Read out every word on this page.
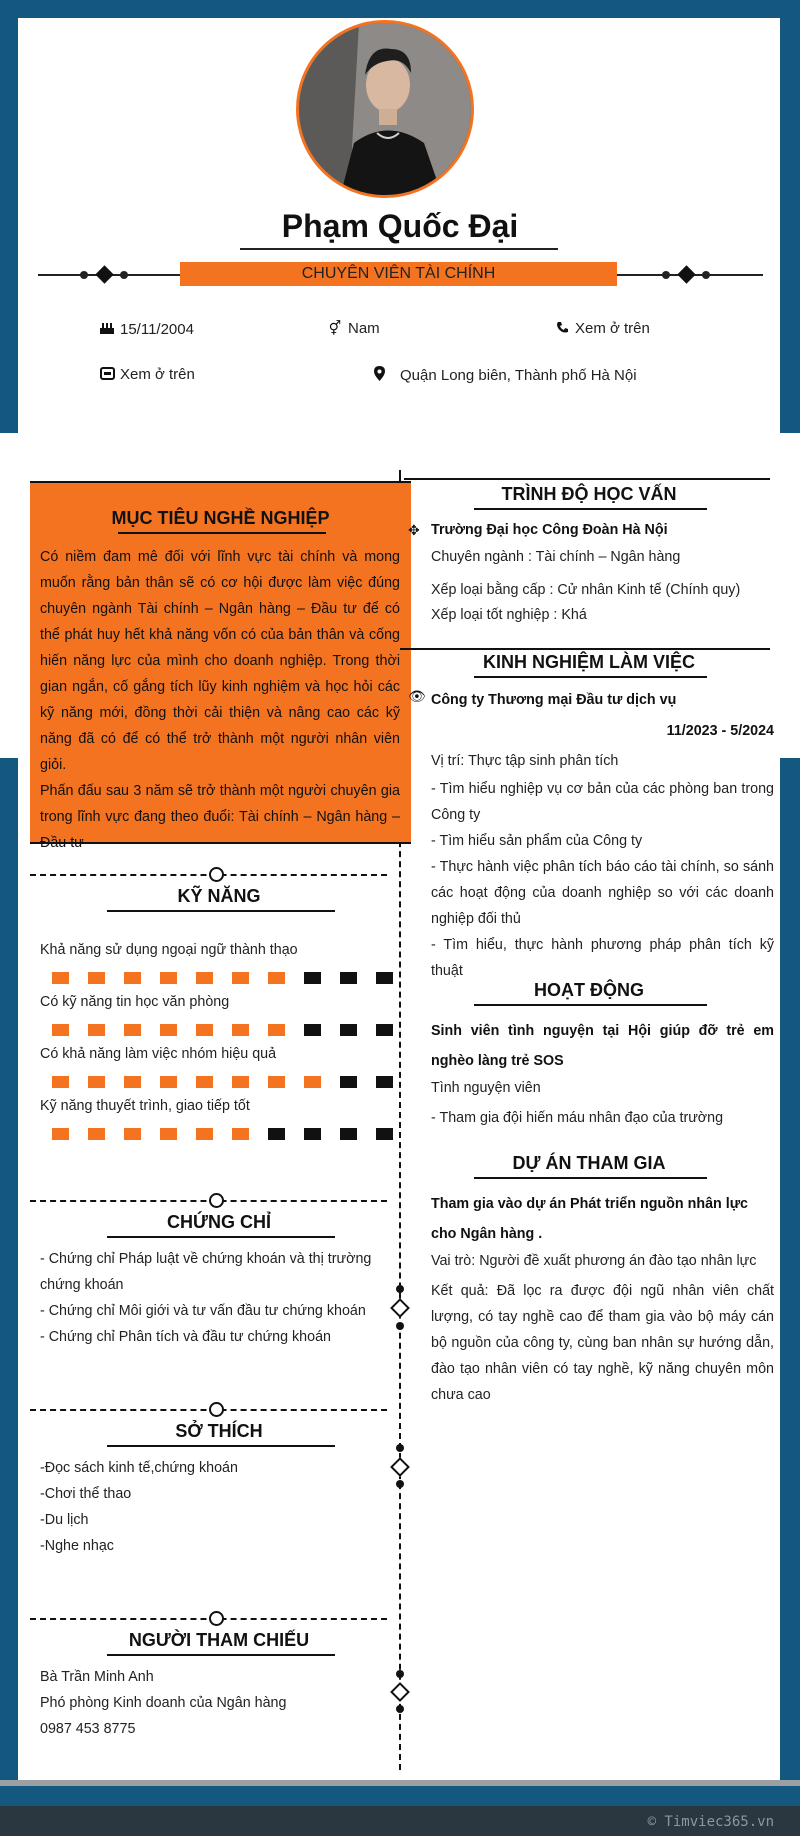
© Timviec365.vn
Phạm Quốc Đại
CHUYÊN VIÊN TÀI CHÍNH
15/11/2004	⚥ Nam	Xem ở trên
Xem ở trên	Quận Long biên, Thành phố Hà Nội
MỤC TIÊU NGHỀ NGHIỆP

Có niềm đam mê đối với lĩnh vực tài chính và mong muốn rằng bản thân sẽ có cơ hội được làm việc đúng chuyên ngành Tài chính – Ngân hàng – Đầu tư để có thể phát huy hết khả năng vốn có của bản thân và cống hiến năng lực của mình cho doanh nghiệp. Trong thời gian ngắn, cố gắng tích lũy kinh nghiệm và học hỏi các kỹ năng mới, đồng thời cải thiện và nâng cao các kỹ năng đã có để có thể trở thành một người nhân viên giỏi.

Phấn đấu sau 3 năm sẽ trở thành một người chuyên gia trong lĩnh vực đang theo đuổi: Tài chính – Ngân hàng – Đầu tư

KỸ NĂNG
Khả năng sử dụng ngoại ngữ thành thạo
Có kỹ năng tin học văn phòng
Có khả năng làm việc nhóm hiệu quả
Kỹ năng thuyết trình, giao tiếp tốt
CHỨNG CHỈ
- Chứng chỉ Pháp luật về chứng khoán và thị trường chứng khoán
- Chứng chỉ Môi giới và tư vấn đầu tư chứng khoán
- Chứng chỉ Phân tích và đầu tư chứng khoán
SỞ THÍCH
-Đọc sách kinh tế,chứng khoán
-Chơi thể thao
-Du lịch
-Nghe nhạc
NGƯỜI THAM CHIẾU
Bà Trần Minh Anh
Phó phòng Kinh doanh của Ngân hàng
0987 453 8775
TRÌNH ĐỘ HỌC VẤN
✥ Trường Đại học Công Đoàn Hà Nội
Chuyên ngành : Tài chính – Ngân hàng
Xếp loại bằng cấp : Cử nhân Kinh tế (Chính quy)
Xếp loại tốt nghiệp : Khá
KINH NGHIỆM LÀM VIỆC
👁 Công ty Thương mại Đầu tư dịch vụ
11/2023 - 5/2024
Vị trí: Thực tập sinh phân tích
- Tìm hiểu nghiệp vụ cơ bản của các phòng ban trong Công ty
- Tìm hiểu sản phẩm của Công ty
- Thực hành việc phân tích báo cáo tài chính, so sánh các hoạt động của doanh nghiệp so với các doanh nghiệp đối thủ
- Tìm hiểu, thực hành phương pháp phân tích kỹ thuật
HOẠT ĐỘNG
Sinh viên tình nguyện tại Hội giúp đỡ trẻ em nghèo làng trẻ SOS
Tình nguyện viên
- Tham gia đội hiến máu nhân đạo của trường
DỰ ÁN THAM GIA
Tham gia vào dự án Phát triển nguồn nhân lực cho Ngân hàng .
Vai trò: Người đề xuất phương án đào tạo nhân lực
Kết quả: Đã lọc ra được đội ngũ nhân viên chất lượng, có tay nghề cao để tham gia vào bộ máy cán bộ nguồn của công ty, cùng ban nhân sự hướng dẫn, đào tạo nhân viên có tay nghề, kỹ năng chuyên môn chưa cao
